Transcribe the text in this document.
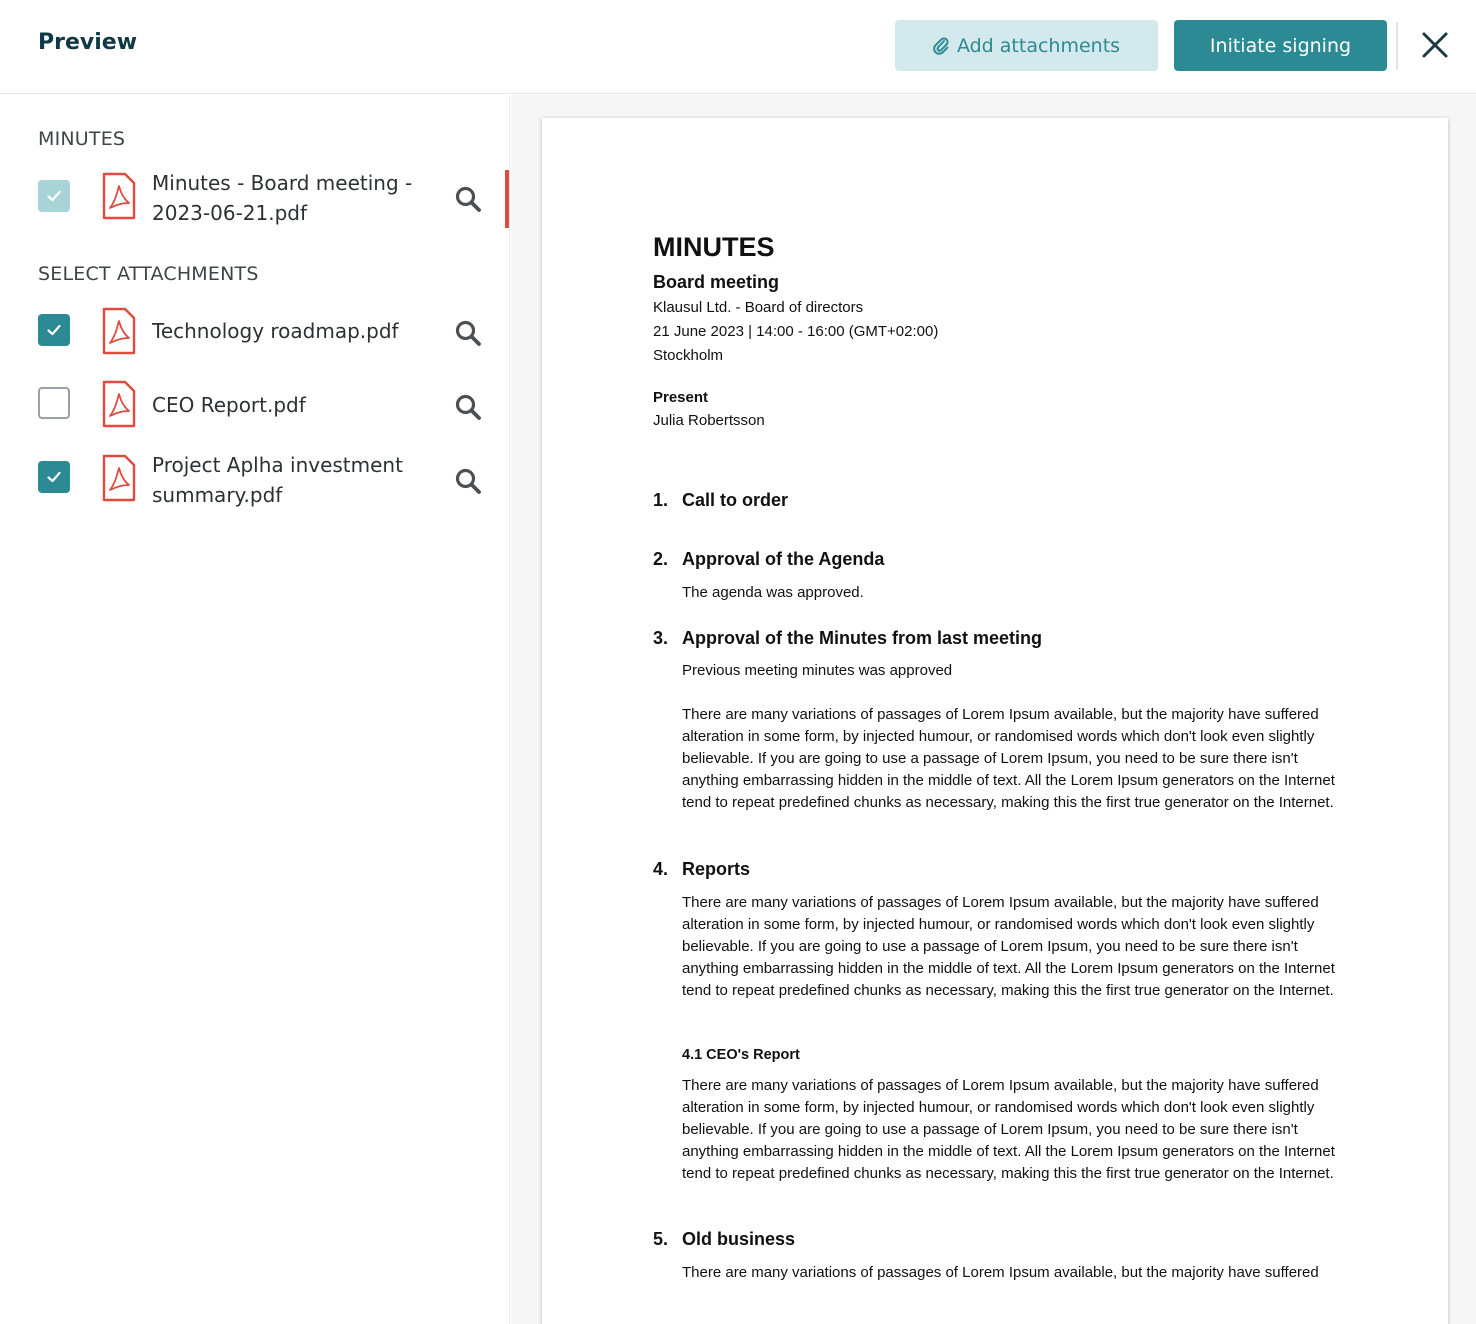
Preview	Add attachments	Initiate signing
MINUTES
Minutes - Board meeting - 2023-06-21.pdf
SELECT ATTACHMENTS
Technology roadmap.pdf
CEO Report.pdf
Project Aplha investment summary.pdf
MINUTES
Board meeting
Klausul Ltd. - Board of directors
21 June 2023 | 14:00 - 16:00 (GMT+02:00)
Stockholm
Present
Julia Robertsson
1. Call to order
2. Approval of the Agenda
The agenda was approved.
3. Approval of the Minutes from last meeting
Previous meeting minutes was approved
There are many variations of passages of Lorem Ipsum available, but the majority have suffered alteration in some form, by injected humour, or randomised words which don't look even slightly believable. If you are going to use a passage of Lorem Ipsum, you need to be sure there isn't anything embarrassing hidden in the middle of text. All the Lorem Ipsum generators on the Internet tend to repeat predefined chunks as necessary, making this the first true generator on the Internet.
4. Reports
There are many variations of passages of Lorem Ipsum available, but the majority have suffered alteration in some form, by injected humour, or randomised words which don't look even slightly believable. If you are going to use a passage of Lorem Ipsum, you need to be sure there isn't anything embarrassing hidden in the middle of text. All the Lorem Ipsum generators on the Internet tend to repeat predefined chunks as necessary, making this the first true generator on the Internet.
4.1 CEO's Report
There are many variations of passages of Lorem Ipsum available, but the majority have suffered alteration in some form, by injected humour, or randomised words which don't look even slightly believable. If you are going to use a passage of Lorem Ipsum, you need to be sure there isn't anything embarrassing hidden in the middle of text. All the Lorem Ipsum generators on the Internet tend to repeat predefined chunks as necessary, making this the first true generator on the Internet.
5. Old business
There are many variations of passages of Lorem Ipsum available, but the majority have suffered
